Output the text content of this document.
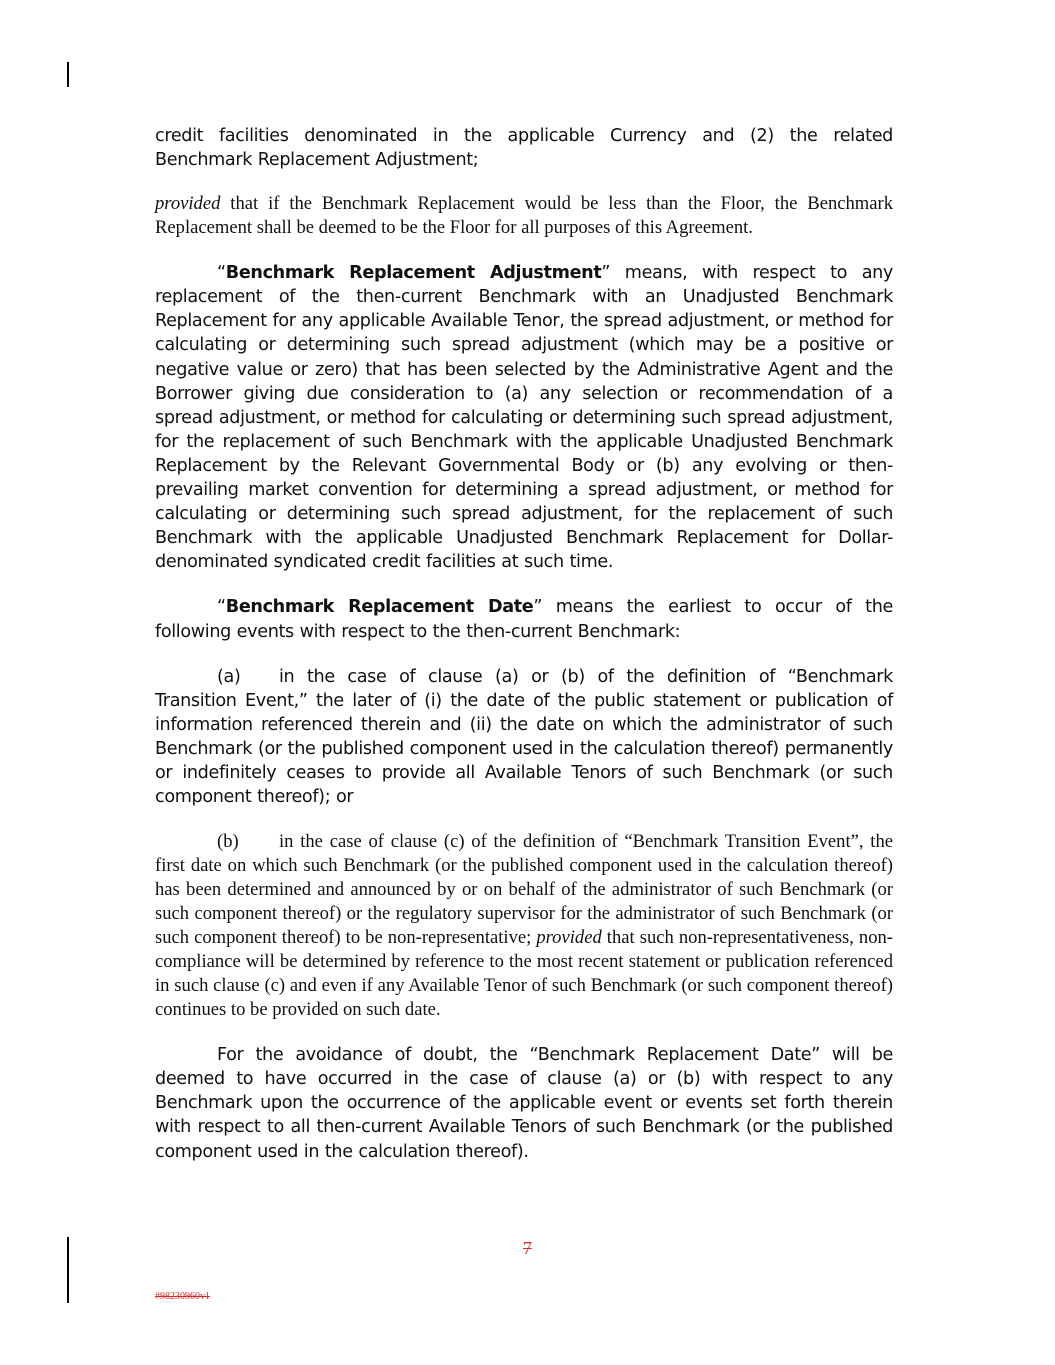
credit facilities denominated in the applicable Currency and (2) the related Benchmark Replacement Adjustment;

provided that if the Benchmark Replacement would be less than the Floor, the Benchmark Replacement shall be deemed to be the Floor for all purposes of this Agreement.

“Benchmark Replacement Adjustment” means, with respect to any replacement of the then-current Benchmark with an Unadjusted Benchmark Replacement for any applicable Available Tenor, the spread adjustment, or method for calculating or determining such spread adjustment (which may be a positive or negative value or zero) that has been selected by the Administrative Agent and the Borrower giving due consideration to (a) any selection or recommendation of a spread adjustment, or method for calculating or determining such spread adjustment, for the replacement of such Benchmark with the applicable Unadjusted Benchmark Replacement by the Relevant Governmental Body or (b) any evolving or then-prevailing market convention for determining a spread adjustment, or method for calculating or determining such spread adjustment, for the replacement of such Benchmark with the applicable Unadjusted Benchmark Replacement for Dollar-denominated syndicated credit facilities at such time.

“Benchmark Replacement Date” means the earliest to occur of the following events with respect to the then-current Benchmark:

(a) in the case of clause (a) or (b) of the definition of “Benchmark Transition Event,” the later of (i) the date of the public statement or publication of information referenced therein and (ii) the date on which the administrator of such Benchmark (or the published component used in the calculation thereof) permanently or indefinitely ceases to provide all Available Tenors of such Benchmark (or such component thereof); or

(b) in the case of clause (c) of the definition of “Benchmark Transition Event”, the first date on which such Benchmark (or the published component used in the calculation thereof) has been determined and announced by or on behalf of the administrator of such Benchmark (or such component thereof) or the regulatory supervisor for the administrator of such Benchmark (or such component thereof) to be non-representative; provided that such non-representativeness, non-compliance will be determined by reference to the most recent statement or publication referenced in such clause (c) and even if any Available Tenor of such Benchmark (or such component thereof) continues to be provided on such date.

For the avoidance of doubt, the “Benchmark Replacement Date” will be deemed to have occurred in the case of clause (a) or (b) with respect to any Benchmark upon the occurrence of the applicable event or events set forth therein with respect to all then-current Available Tenors of such Benchmark (or the published component used in the calculation thereof).

7
#98230960v1
